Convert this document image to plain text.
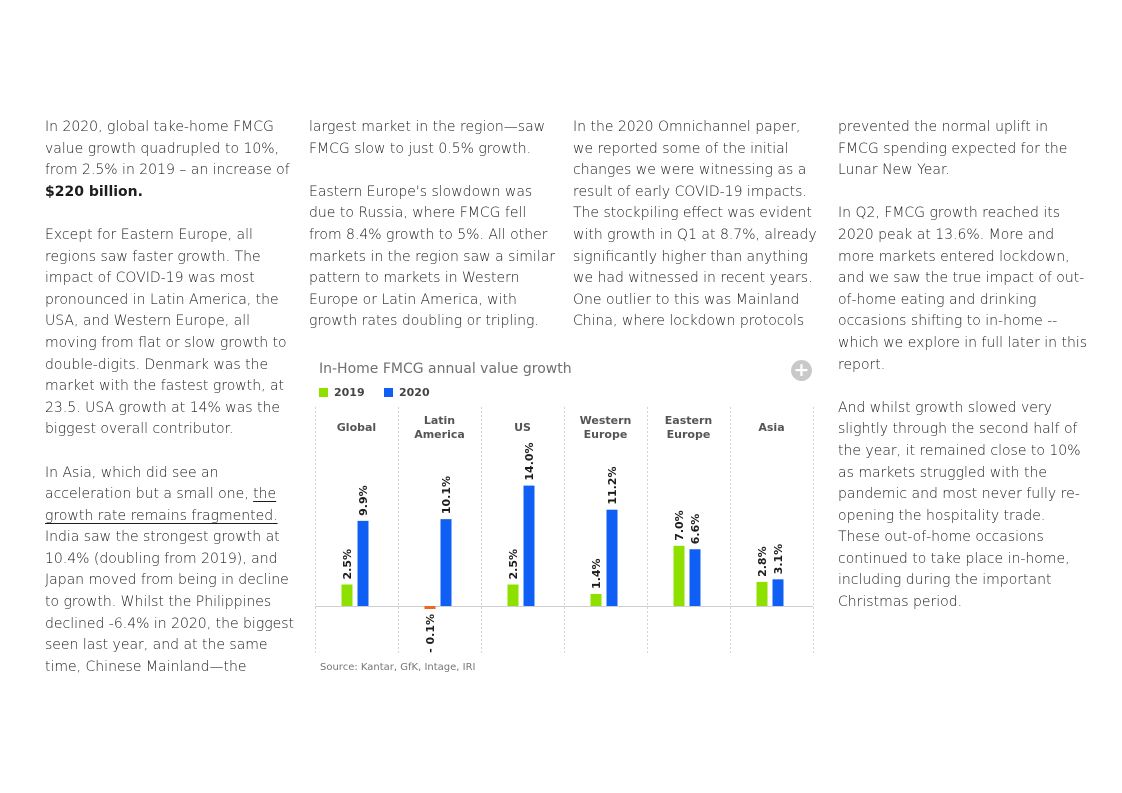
In 2020, global take-home FMCG value growth quadrupled to 10%, from 2.5% in 2019 – an increase of $220 billion.

Except for Eastern Europe, all regions saw faster growth. The impact of COVID-19 was most pronounced in Latin America, the USA, and Western Europe, all moving from flat or slow growth to double-digits. Denmark was the market with the fastest growth, at 23.5. USA growth at 14% was the biggest overall contributor.

In Asia, which did see an acceleration but a small one, the growth rate remains fragmented. India saw the strongest growth at 10.4% (doubling from 2019), and Japan moved from being in decline to growth. Whilst the Philippines declined -6.4% in 2020, the biggest seen last year, and at the same time, Chinese Mainland—the

largest market in the region—saw FMCG slow to just 0.5% growth.

Eastern Europe's slowdown was due to Russia, where FMCG fell from 8.4% growth to 5%. All other markets in the region saw a similar pattern to markets in Western Europe or Latin America, with growth rates doubling or tripling.

In the 2020 Omnichannel paper, we reported some of the initial changes we were witnessing as a result of early COVID-19 impacts. The stockpiling effect was evident with growth in Q1 at 8.7%, already significantly higher than anything we had witnessed in recent years. One outlier to this was Mainland China, where lockdown protocols

prevented the normal uplift in FMCG spending expected for the Lunar New Year.

In Q2, FMCG growth reached its 2020 peak at 13.6%. More and more markets entered lockdown, and we saw the true impact of out-of-home eating and drinking occasions shifting to in-home -- which we explore in full later in this report.

And whilst growth slowed very slightly through the second half of the year, it remained close to 10% as markets struggled with the pandemic and most never fully re-opening the hospitality trade. These out-of-home occasions continued to take place in-home, including during the important Christmas period.

Global
2.5%
9.9%
Latin America
- 0.1%
10.1%
US
2.5%
14.0%
Western Europe
1.4%
11.2%
Eastern Europe
7.0% 6.6%
Asia
2.8% 3.1%
In-Home FMCG annual value growth	+
2019	2020
Source: Kantar, GfK, Intage, IRI
